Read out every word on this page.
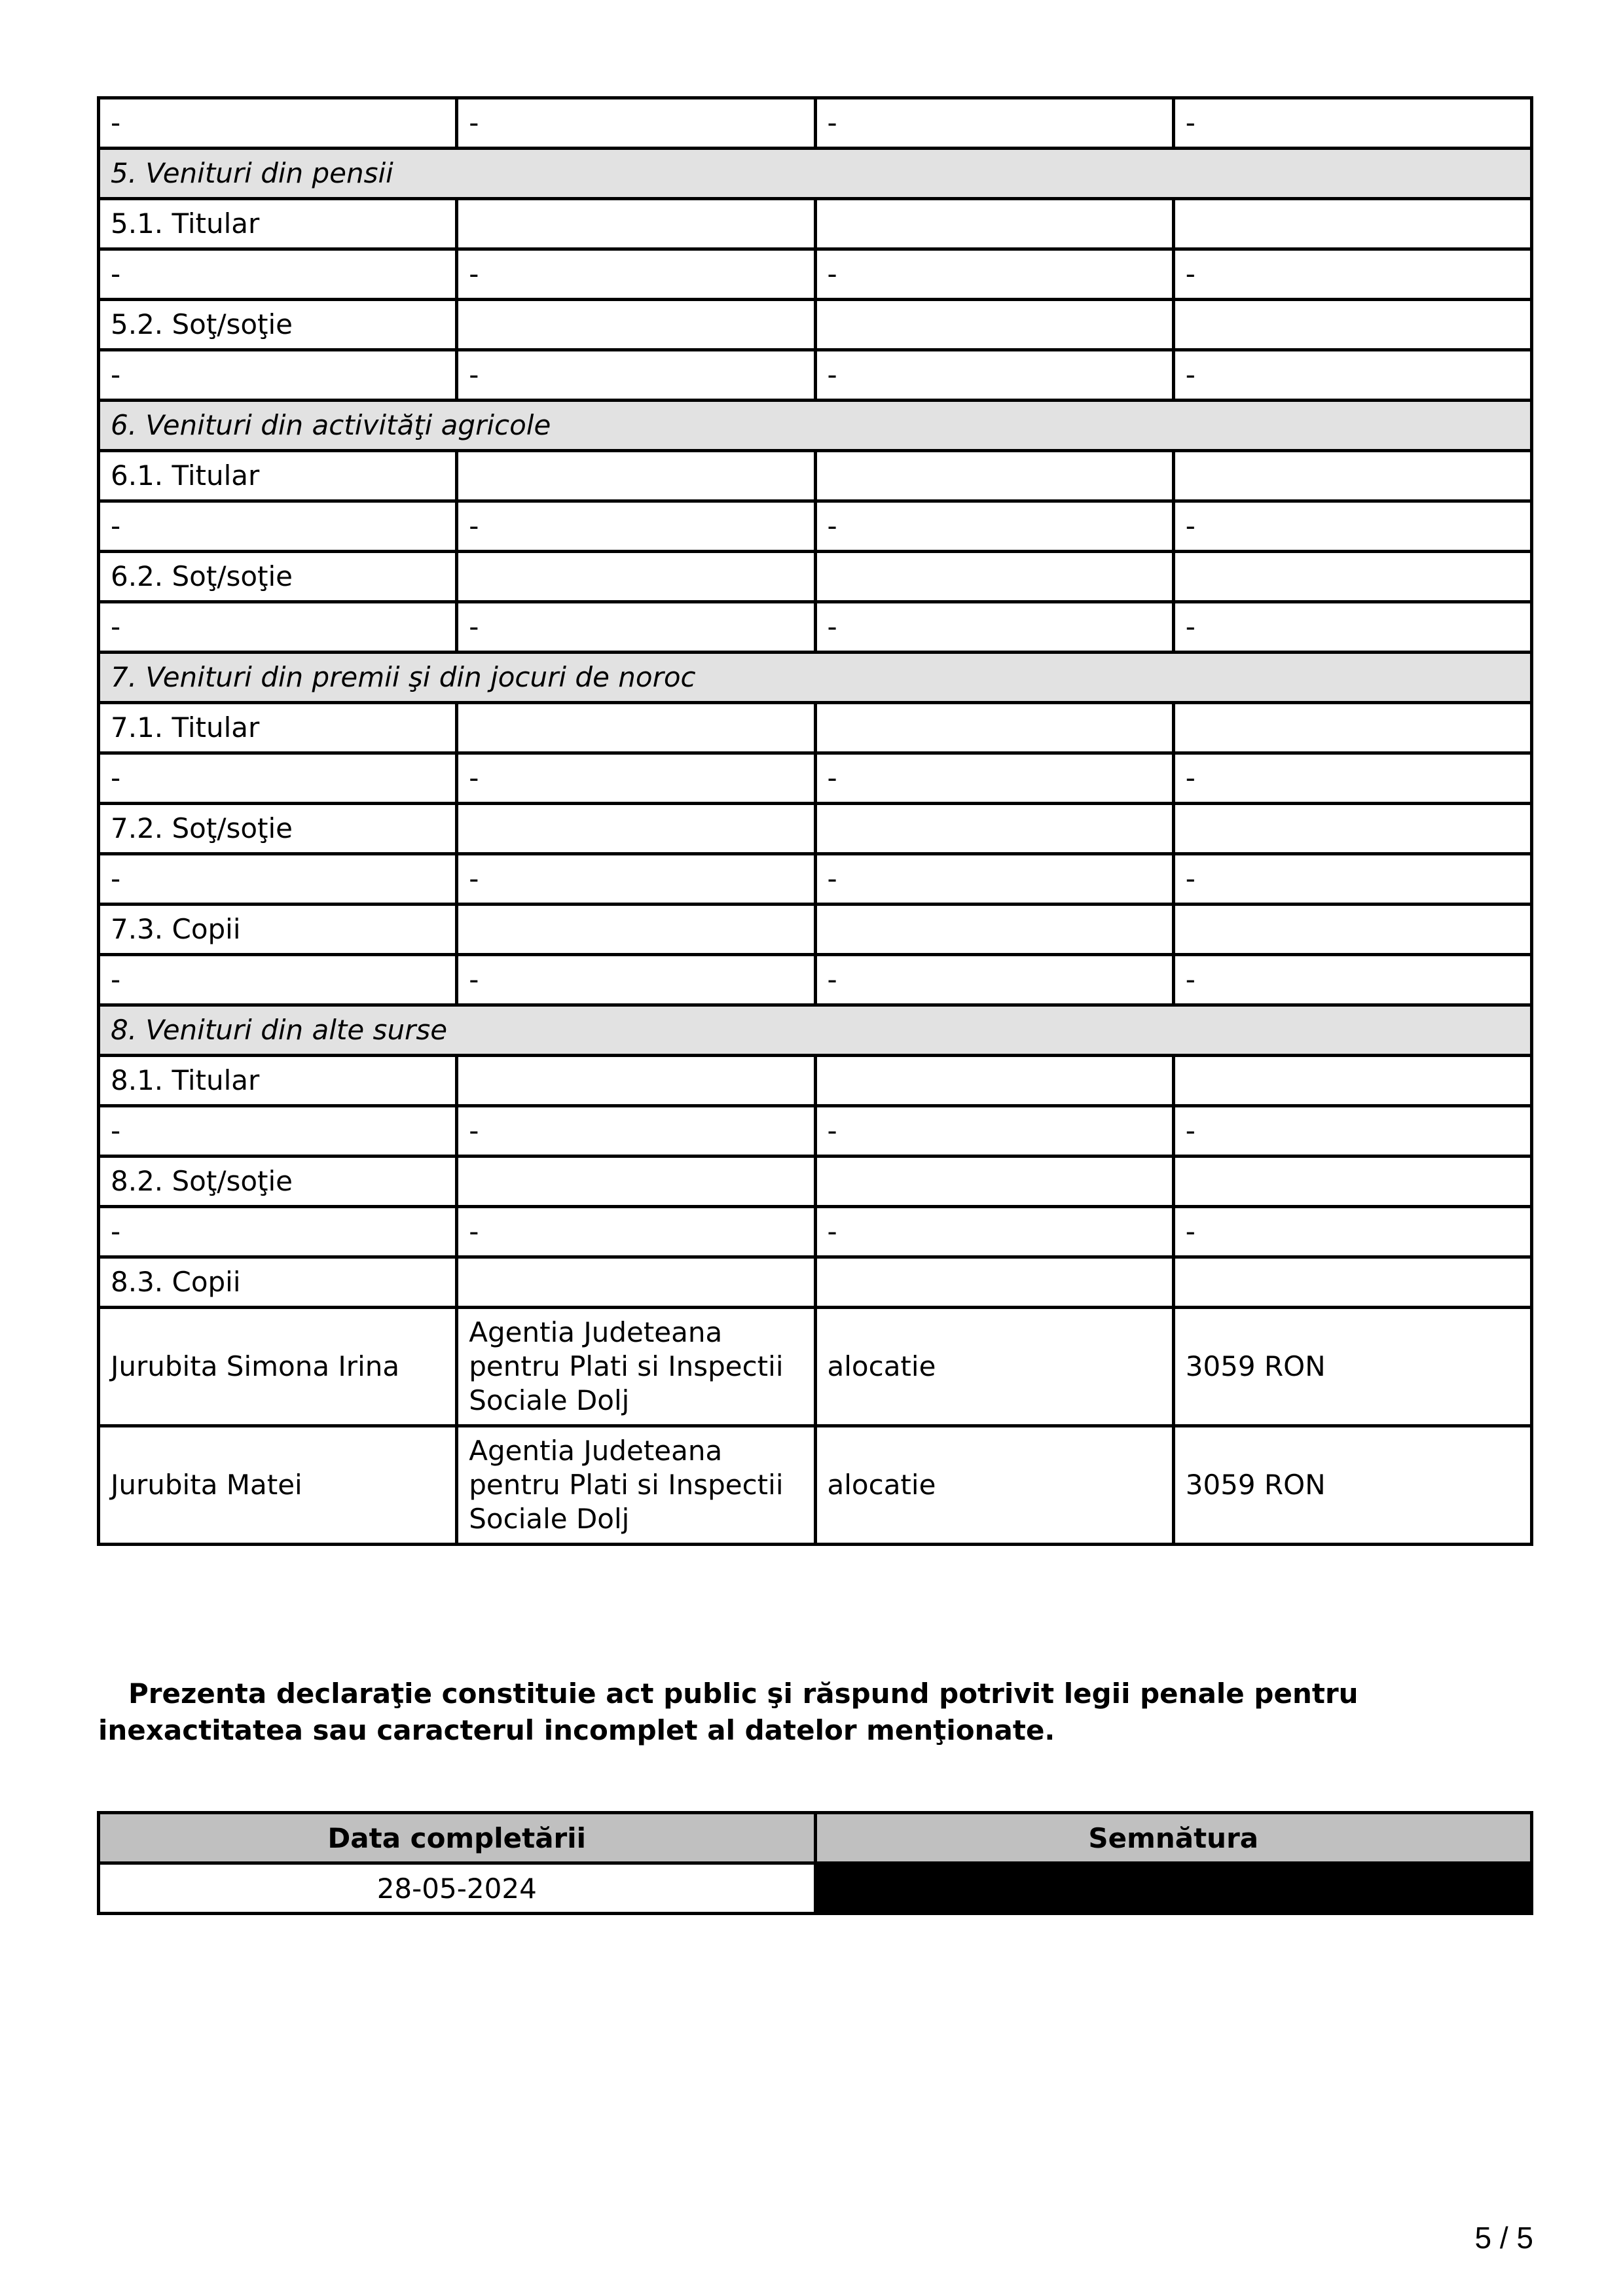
-	-	-	-
5. Venituri din pensii			
5.1. Titular			
-	-	-	-
5.2. Soţ/soţie			
-	-	-	-
6. Venituri din activităţi agricole			
6.1. Titular			
-	-	-	-
6.2. Soţ/soţie			
-	-	-	-
7. Venituri din premii şi din jocuri de noroc			
7.1. Titular			
-	-	-	-
7.2. Soţ/soţie			
-	-	-	-
7.3. Copii			
-	-	-	-
8. Venituri din alte surse			
8.1. Titular			
-	-	-	-
8.2. Soţ/soţie			
-	-	-	-
8.3. Copii			
Jurubita Simona Irina	Agentia Judeteana pentru Plati si Inspectii Sociale Dolj	alocatie	3059 RON
Jurubita Matei	Agentia Judeteana pentru Plati si Inspectii Sociale Dolj	alocatie	3059 RON

Prezenta declaraţie constituie act public şi răspund potrivit legii penale pentru inexactitatea sau caracterul incomplet al datelor menţionate.

Data completării	Semnătura
28-05-2024	
5 / 5
